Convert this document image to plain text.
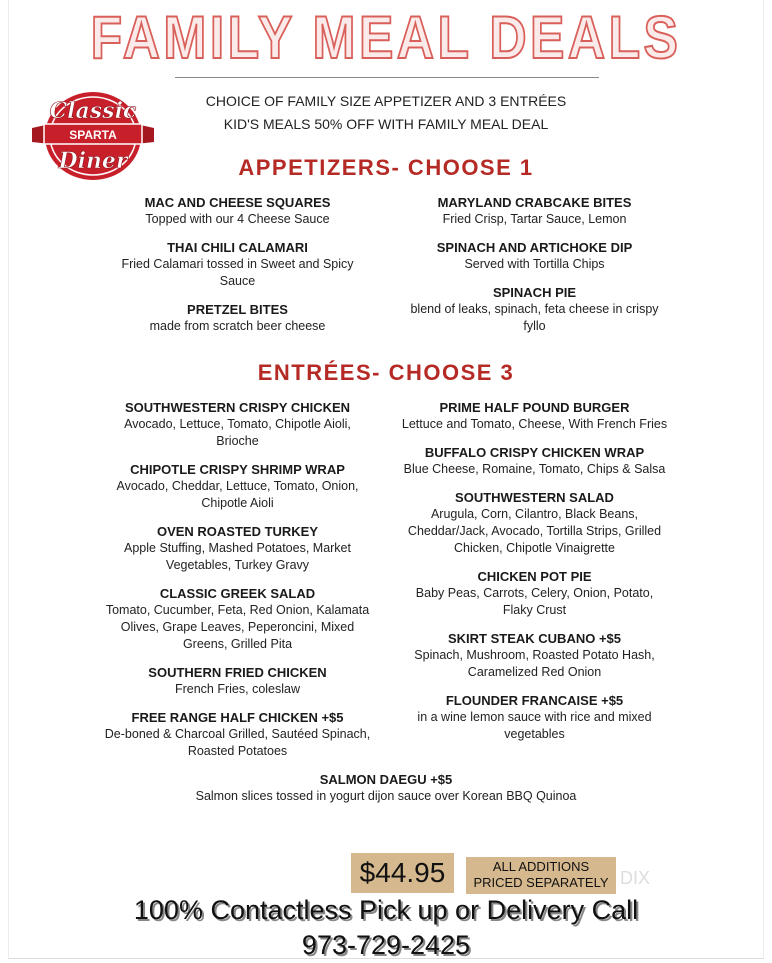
FAMILY MEAL DEALS
Classic
SPARTA
Diner
CHOICE OF FAMILY SIZE APPETIZER AND 3 ENTRÉES
KID'S MEALS 50% OFF WITH FAMILY MEAL DEAL
APPETIZERS- CHOOSE 1
MAC AND CHEESE SQUARES
Topped with our 4 Cheese Sauce
THAI CHILI CALAMARI
Fried Calamari tossed in Sweet and Spicy Sauce
PRETZEL BITES
made from scratch beer cheese
MARYLAND CRABCAKE BITES
Fried Crisp, Tartar Sauce, Lemon
SPINACH AND ARTICHOKE DIP
Served with Tortilla Chips
SPINACH PIE
blend of leaks, spinach, feta cheese in crispy fyllo
ENTRÉES- CHOOSE 3
SOUTHWESTERN CRISPY CHICKEN
Avocado, Lettuce, Tomato, Chipotle Aioli, Brioche
CHIPOTLE CRISPY SHRIMP WRAP
Avocado, Cheddar, Lettuce, Tomato, Onion, Chipotle Aioli
OVEN ROASTED TURKEY
Apple Stuffing, Mashed Potatoes, Market Vegetables, Turkey Gravy
CLASSIC GREEK SALAD
Tomato, Cucumber, Feta, Red Onion, Kalamata Olives, Grape Leaves, Peperoncini, Mixed Greens, Grilled Pita
SOUTHERN FRIED CHICKEN
French Fries, coleslaw
FREE RANGE HALF CHICKEN +$5
De-boned & Charcoal Grilled, Sautéed Spinach, Roasted Potatoes
PRIME HALF POUND BURGER
Lettuce and Tomato, Cheese, With French Fries
BUFFALO CRISPY CHICKEN WRAP
Blue Cheese, Romaine, Tomato, Chips & Salsa
SOUTHWESTERN SALAD
Arugula, Corn, Cilantro, Black Beans, Cheddar/Jack, Avocado, Tortilla Strips, Grilled Chicken, Chipotle Vinaigrette
CHICKEN POT PIE
Baby Peas, Carrots, Celery, Onion, Potato, Flaky Crust
SKIRT STEAK CUBANO +$5
Spinach, Mushroom, Roasted Potato Hash, Caramelized Red Onion
FLOUNDER FRANCAISE +$5
in a wine lemon sauce with rice and mixed vegetables
SALMON DAEGU +$5
Salmon slices tossed in yogurt dijon sauce over Korean BBQ Quinoa
$44.95	ALL ADDITIONS
PRICED SEPARATELY DIX
100% Contactless Pick up or Delivery Call
973-729-2425
